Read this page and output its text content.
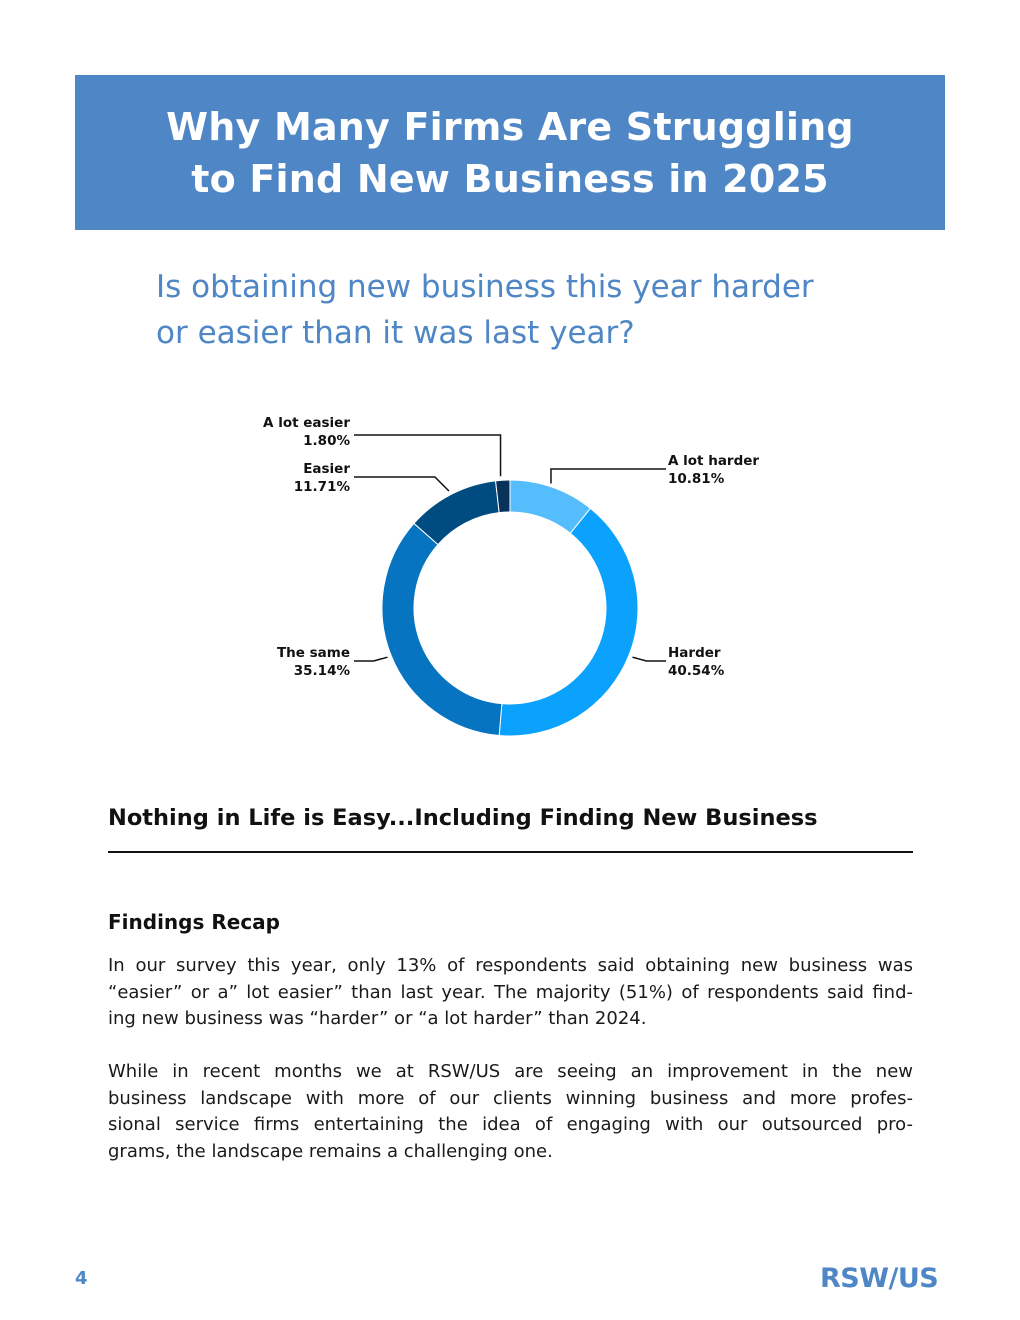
Why Many Firms Are Struggling
to Find New Business in 2025
Is obtaining new business this year harder
or easier than it was last year?
A lot harder
10.81%
Harder
40.54%
The same
35.14%
Easier
11.71%
A lot easier
1.80%
Nothing in Life is Easy...Including Finding New Business
Findings Recap
In our survey this year, only 13% of respondents said obtaining new business was
“easier” or a” lot easier” than last year. The majority (51%) of respondents said find-
ing new business was “harder” or “a lot harder” than 2024.
While in recent months we at RSW/US are seeing an improvement in the new
business landscape with more of our clients winning business and more profes-
sional service firms entertaining the idea of engaging with our outsourced pro-
grams, the landscape remains a challenging one.
4	RSW/US
